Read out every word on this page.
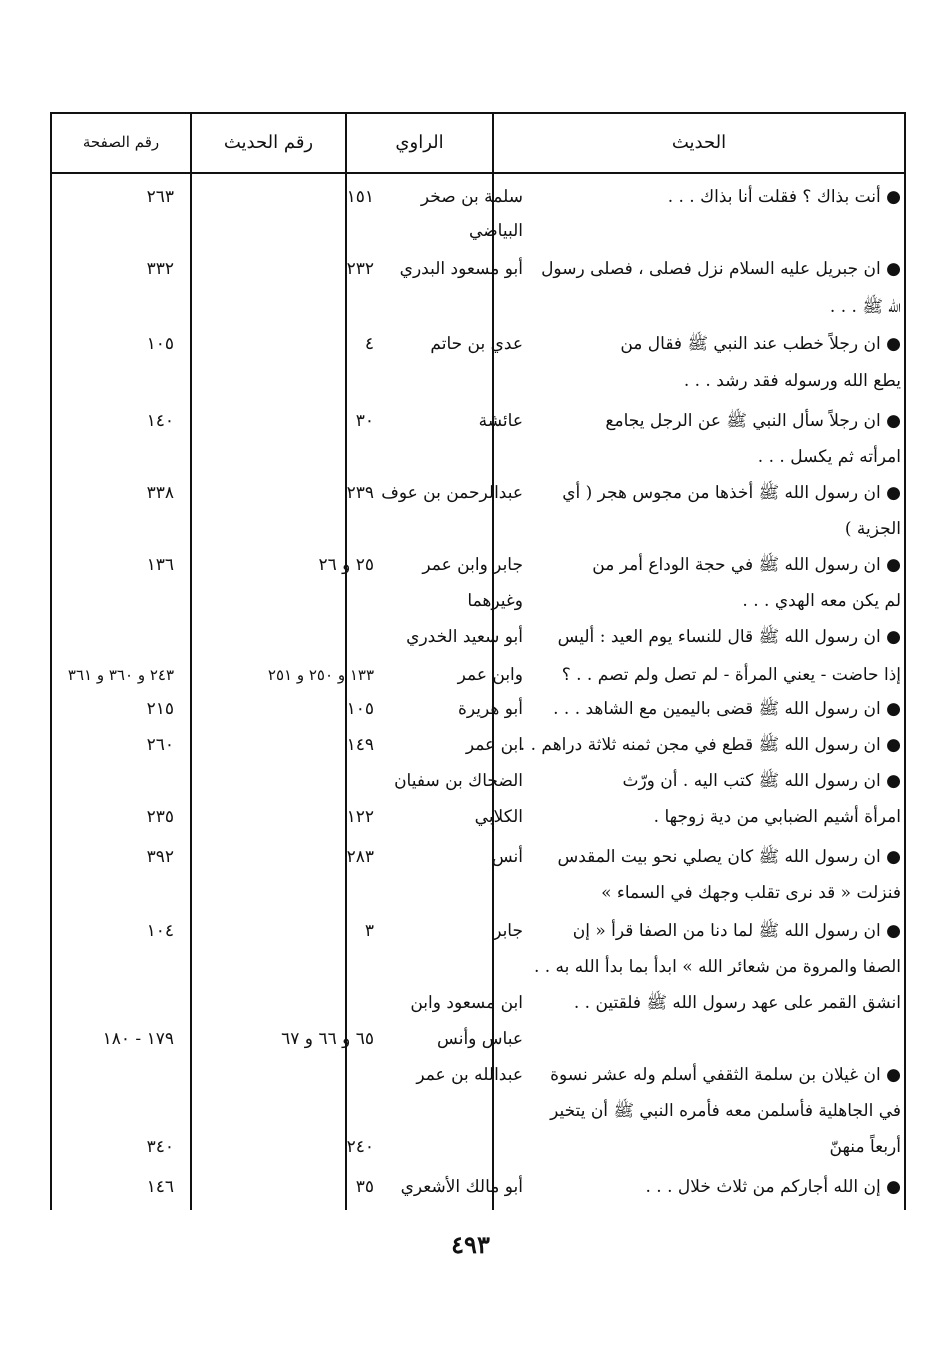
الحديث
الراوي
رقم الحديث
رقم الصفحة
● أنت بذاك ؟ فقلت أنا بذاك . . .
سلمة بن صخر
البياضي
١٥١
٢٦٣
● ان جبريل عليه السلام نزل فصلى ، فصلى رسول
الله ﷺ . . .
أبو مسعود البدري
٢٣٢
٣٣٢
● ان رجلاً خطب عند النبي ﷺ فقال من
يطع الله ورسوله فقد رشد . . .
عدي بن حاتم
٤
١٠٥
● ان رجلاً سأل النبي ﷺ عن الرجل يجامع
امرأته ثم يكسل . . .
عائشة
٣٠
١٤٠
● ان رسول الله ﷺ أخذها من مجوس هجر ( أي
الجزية )
عبدالرحمن بن عوف
٢٣٩
٣٣٨
● ان رسول الله ﷺ في حجة الوداع أمر من
لم يكن معه الهدي . . .
جابر وابن عمر
وغيرهما
٢٥ و ٢٦
١٣٦
● ان رسول الله ﷺ قال للنساء يوم العيد : أليس
إذا حاضت - يعني المرأة - لم تصل ولم تصم . . ؟
أبو سعيد الخدري
وابن عمر
١٣٣ و ٢٥٠ و ٢٥١
٢٤٣ و ٣٦٠ و ٣٦١
● ان رسول الله ﷺ قضى باليمين مع الشاهد . . .
أبو هريرة
١٠٥
٢١٥
● ان رسول الله ﷺ قطع في مجن ثمنه ثلاثة دراهم . . .
ابن عمر
١٤٩
٢٦٠
● ان رسول الله ﷺ كتب اليه . أن ورّث
امرأة أشيم الضبابي من دية زوجها .
الضحاك بن سفيان
الكلابي
١٢٢
٢٣٥
● ان رسول الله ﷺ كان يصلي نحو بيت المقدس
فنزلت « قد نرى تقلب وجهك في السماء »
أنس
٢٨٣
٣٩٢
● ان رسول الله ﷺ لما دنا من الصفا قرأ « إن
الصفا والمروة من شعائر الله » ابدأ بما بدأ الله به . .
انشق القمر على عهد رسول الله ﷺ فلقتين . .
جابر
ابن مسعود وابن
عباس وأنس
٣
١٠٤
٦٥ و ٦٦ و ٦٧
١٧٩ - ١٨٠
● ان غيلان بن سلمة الثقفي أسلم وله عشر نسوة
في الجاهلية فأسلمن معه فأمره النبي ﷺ أن يتخير
أربعاً منهنّ
عبدالله بن عمر
٢٤٠
٣٤٠
● إن الله أجاركم من ثلاث خلال . . .
أبو مالك الأشعري
٣٥
١٤٦
٤٩٣
